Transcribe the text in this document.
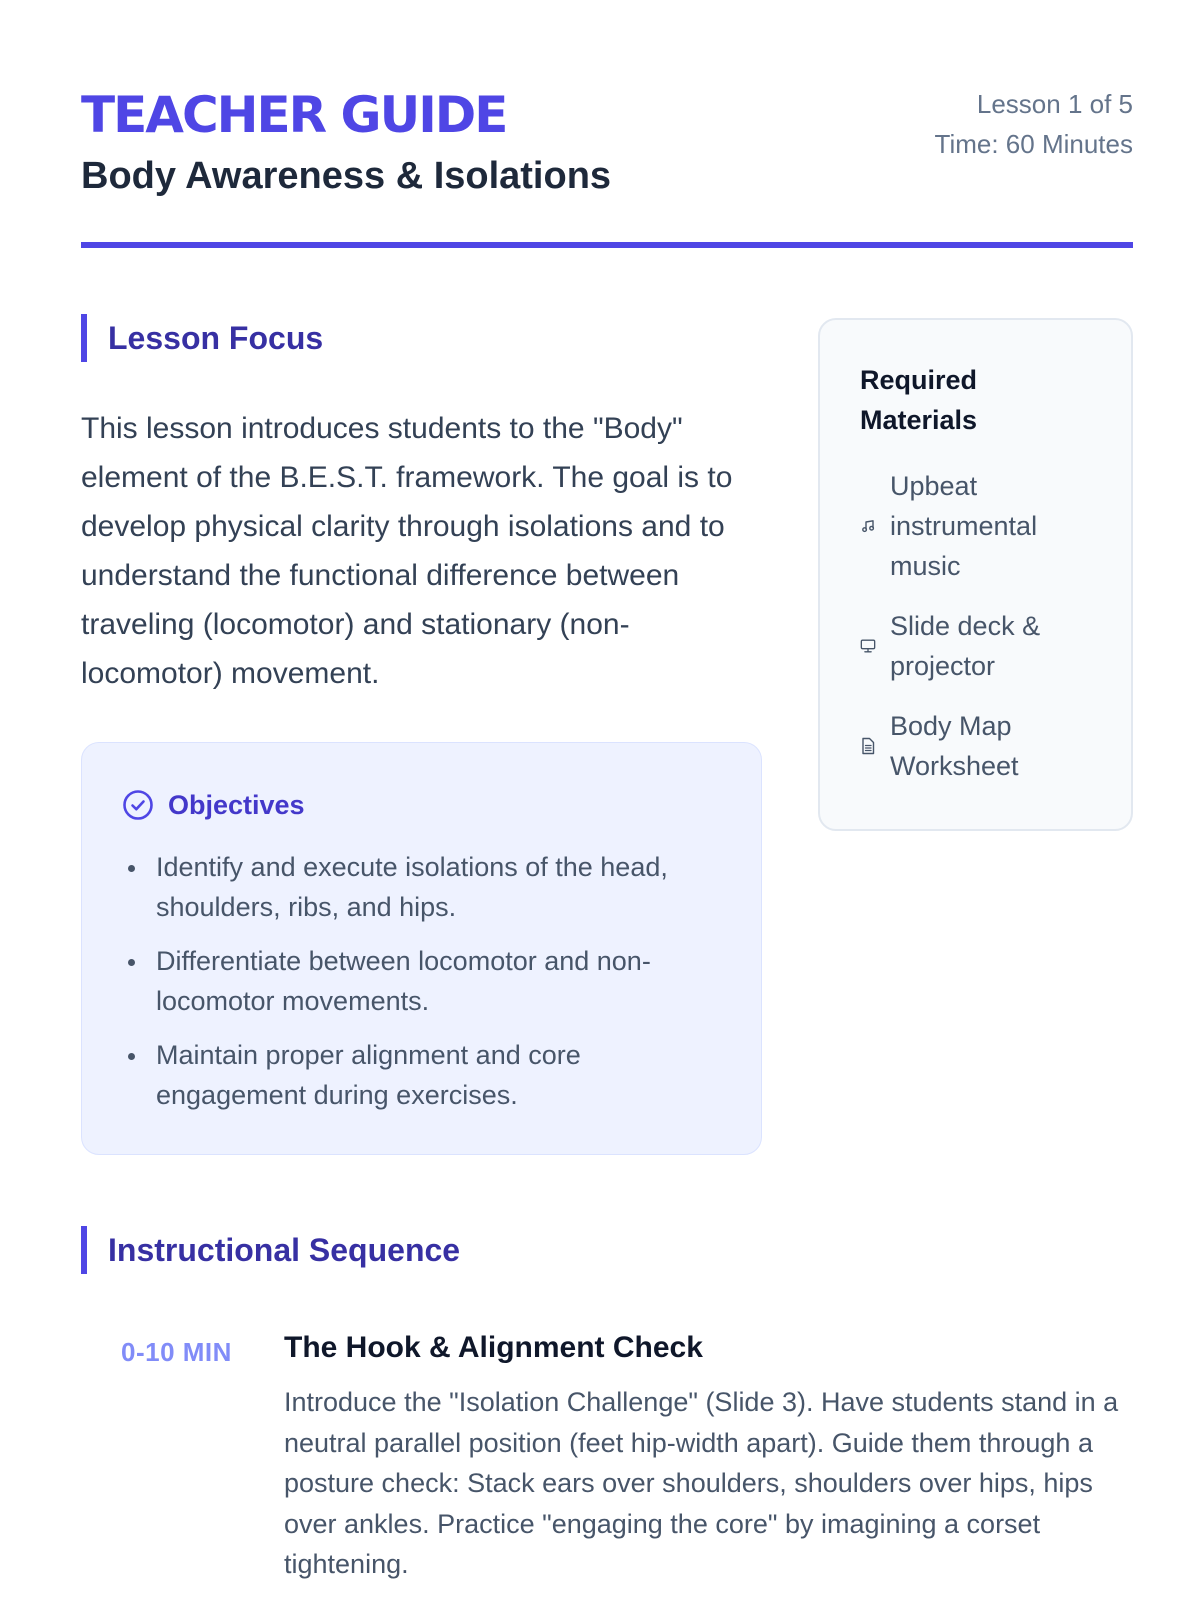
TEACHER GUIDE
Body Awareness & Isolations
Lesson 1 of 5
Time: 60 Minutes
Lesson Focus

This lesson introduces students to the "Body" element of the B.E.S.T. framework. The goal is to develop physical clarity through isolations and to understand the functional difference between traveling (locomotor) and stationary (non-locomotor) movement.

Objectives
Identify and execute isolations of the head, shoulders, ribs, and hips.
Differentiate between locomotor and non-locomotor movements.
Maintain proper alignment and core engagement during exercises.
Required Materials
Upbeat instrumental music
Slide deck & projector
Body Map Worksheet
Instructional Sequence
0-10 MIN The Hook & Alignment Check

Introduce the "Isolation Challenge" (Slide 3). Have students stand in a neutral parallel position (feet hip-width apart). Guide them through a posture check: Stack ears over shoulders, shoulders over hips, hips over ankles. Practice "engaging the core" by imagining a corset tightening.
